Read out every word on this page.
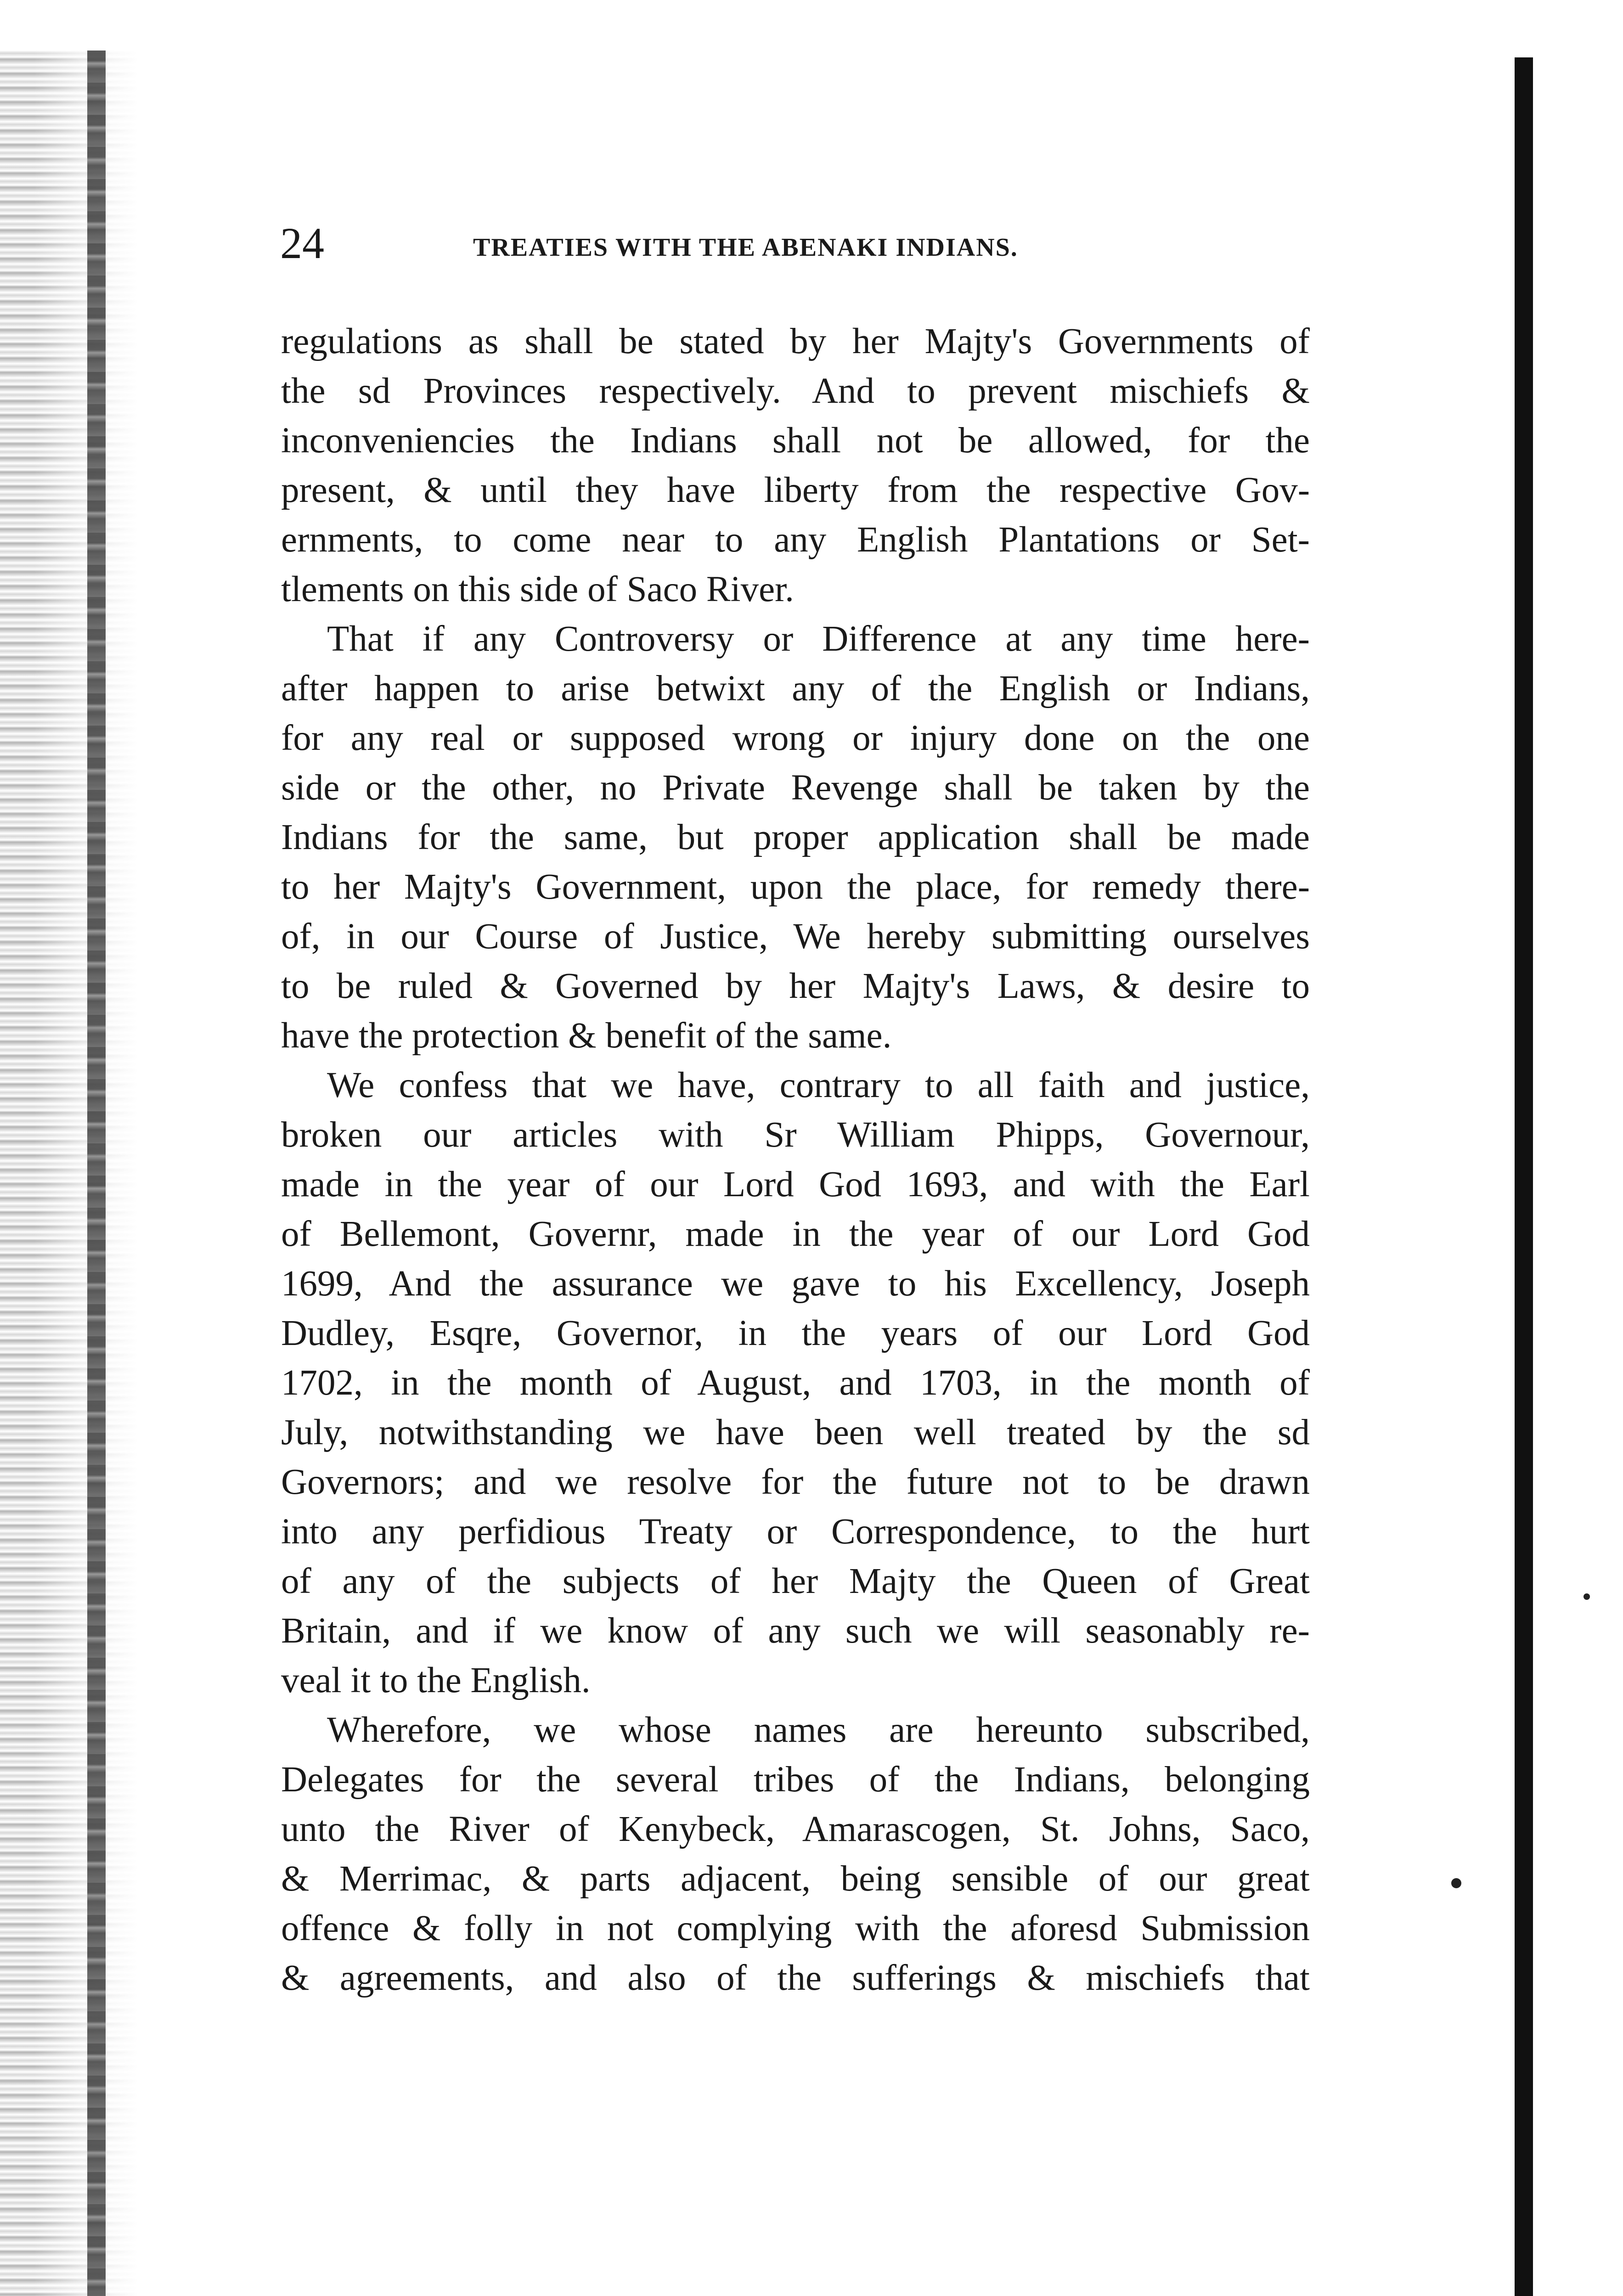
24	TREATIES WITH THE ABENAKI INDIANS.
regulations as shall be stated by her Majty's Governments of
the sd Provinces respectively. And to prevent mischiefs &
inconveniencies the Indians shall not be allowed, for the
present, & until they have liberty from the respective Gov-
ernments, to come near to any English Plantations or Set-
tlements on this side of Saco River.
That if any Controversy or Difference at any time here-
after happen to arise betwixt any of the English or Indians,
for any real or supposed wrong or injury done on the one
side or the other, no Private Revenge shall be taken by the
Indians for the same, but proper application shall be made
to her Majty's Government, upon the place, for remedy there-
of, in our Course of Justice, We hereby submitting ourselves
to be ruled & Governed by her Majty's Laws, & desire to
have the protection & benefit of the same.
We confess that we have, contrary to all faith and justice,
broken our articles with Sr William Phipps, Governour,
made in the year of our Lord God 1693, and with the Earl
of Bellemont, Governr, made in the year of our Lord God
1699, And the assurance we gave to his Excellency, Joseph
Dudley, Esqre, Governor, in the years of our Lord God
1702, in the month of August, and 1703, in the month of
July, notwithstanding we have been well treated by the sd
Governors; and we resolve for the future not to be drawn
into any perfidious Treaty or Correspondence, to the hurt
of any of the subjects of her Majty the Queen of Great
Britain, and if we know of any such we will seasonably re-
veal it to the English.
Wherefore, we whose names are hereunto subscribed,
Delegates for the several tribes of the Indians, belonging
unto the River of Kenybeck, Amarascogen, St. Johns, Saco,
& Merrimac, & parts adjacent, being sensible of our great
offence & folly in not complying with the aforesd Submission
& agreements, and also of the sufferings & mischiefs that
